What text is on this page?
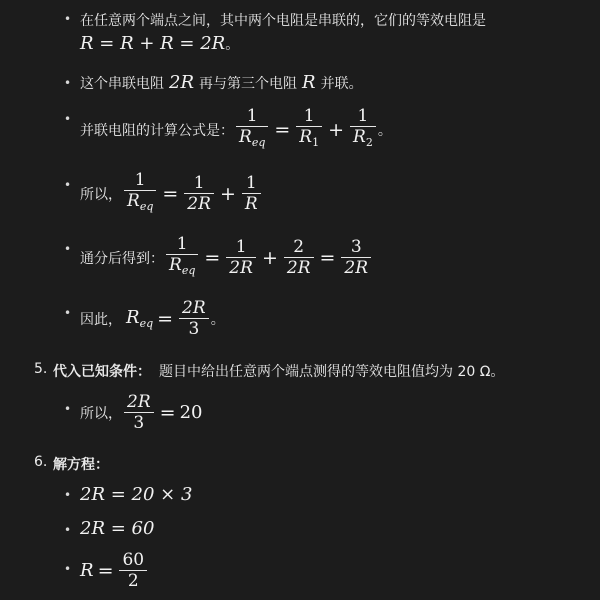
• 在任意两个端点之间，其中两个电阻是串联的，它们的等效电阻是
R = R + R = 2R 。
• 这个串联电阻 2R 再与第三个电阻 R 并联。
•
并联电阻的计算公式是： $\frac{1}{R_{eq}} = \frac{1}{R_1} + \frac{1}{R_2}$ 。
•
所以， $\frac{1}{R_{eq}} = \frac{1}{2R} + \frac{1}{R}$
•
通分后得到： $\frac{1}{R_{eq}} = \frac{1}{2R} + \frac{2}{2R} = \frac{3}{2R}$
• 因此， $R_{eq} = \frac{2R}{3}$ 。
5. 代入已知条件： 题目中给出任意两个端点测得的等效电阻值均为 20 Ω。
• 所以， $\frac{2R}{3} = 20$
6. 解方程：
• 2R = 20 × 3
• 2R = 60
• $R = \frac{60}{2}$
